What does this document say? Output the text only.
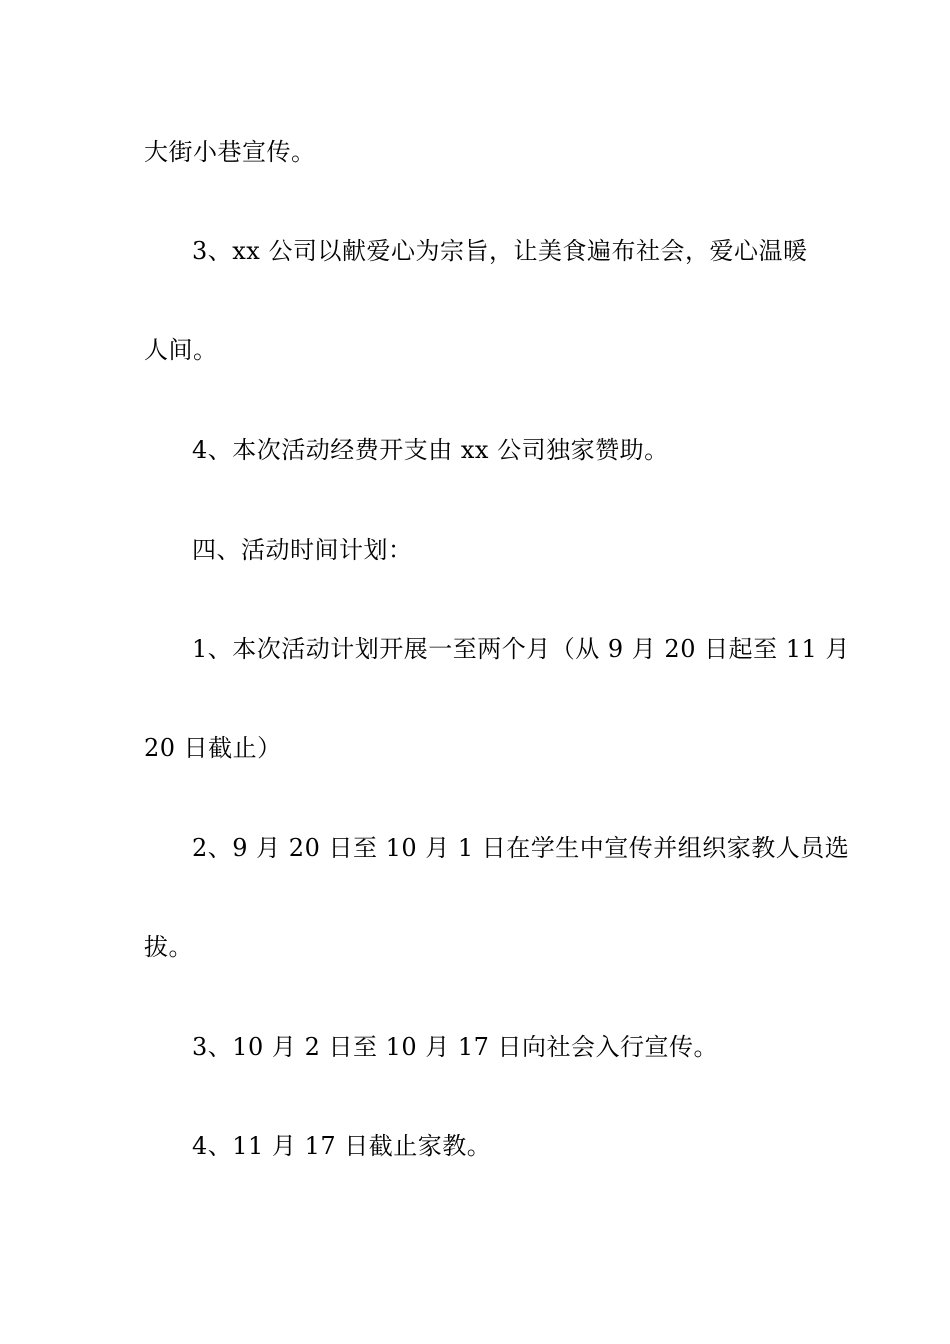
大街小巷宣传。
3、xx 公司以献爱心为宗旨，让美食遍布社会，爱心温暖
人间。
4、本次活动经费开支由 xx 公司独家赞助。
四、活动时间计划：
1、本次活动计划开展一至两个月（从 9 月 20 日起至 11 月
20 日截止）
2、9 月 20 日至 10 月 1 日在学生中宣传并组织家教人员选
拔。
3、10 月 2 日至 10 月 17 日向社会入行宣传。
4、11 月 17 日截止家教。
